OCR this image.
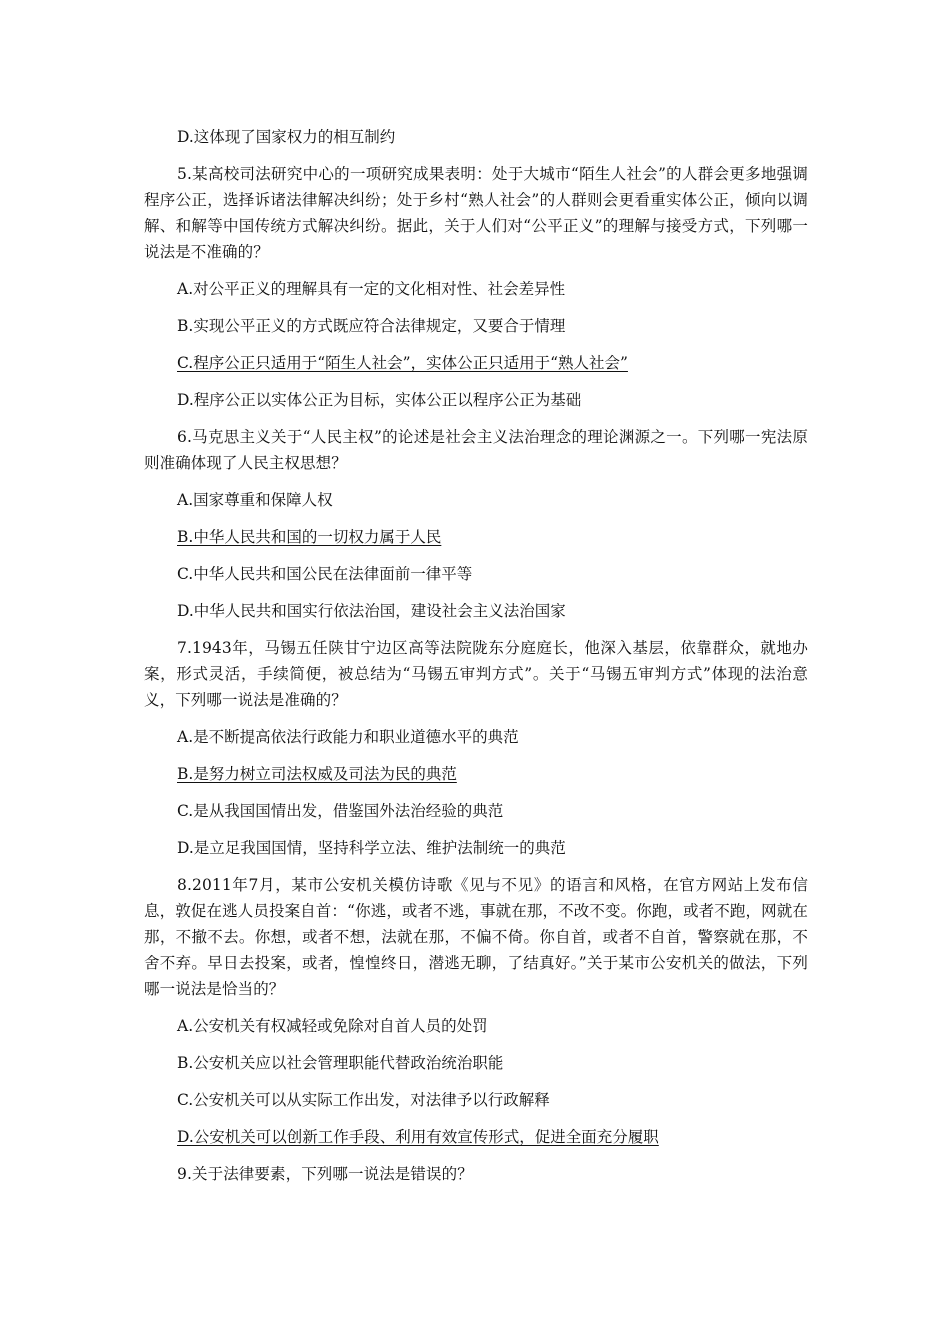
D.这体现了国家权力的相互制约

5.某高校司法研究中心的一项研究成果表明：处于大城市“陌生人社会”的人群会更多地强调程序公正，选择诉诸法律解决纠纷；处于乡村“熟人社会”的人群则会更看重实体公正，倾向以调解、和解等中国传统方式解决纠纷。据此，关于人们对“公平正义”的理解与接受方式，下列哪一说法是不准确的？

A.对公平正义的理解具有一定的文化相对性、社会差异性

B.实现公平正义的方式既应符合法律规定，又要合于情理

C.程序公正只适用于“陌生人社会”，实体公正只适用于“熟人社会”

D.程序公正以实体公正为目标，实体公正以程序公正为基础

6.马克思主义关于“人民主权”的论述是社会主义法治理念的理论渊源之一。下列哪一宪法原则准确体现了人民主权思想？

A.国家尊重和保障人权

B.中华人民共和国的一切权力属于人民

C.中华人民共和国公民在法律面前一律平等

D.中华人民共和国实行依法治国，建设社会主义法治国家

7.1943年，马锡五任陕甘宁边区高等法院陇东分庭庭长，他深入基层，依靠群众，就地办案，形式灵活，手续简便，被总结为“马锡五审判方式”。关于“马锡五审判方式”体现的法治意义，下列哪一说法是准确的？

A.是不断提高依法行政能力和职业道德水平的典范

B.是努力树立司法权威及司法为民的典范

C.是从我国国情出发，借鉴国外法治经验的典范

D.是立足我国国情，坚持科学立法、维护法制统一的典范

8.2011年7月，某市公安机关模仿诗歌《见与不见》的语言和风格，在官方网站上发布信息，敦促在逃人员投案自首：“你逃，或者不逃，事就在那，不改不变。你跑，或者不跑，网就在那，不撤不去。你想，或者不想，法就在那，不偏不倚。你自首，或者不自首，警察就在那，不舍不弃。早日去投案，或者，惶惶终日，潜逃无聊，了结真好。”关于某市公安机关的做法，下列哪一说法是恰当的？

A.公安机关有权减轻或免除对自首人员的处罚

B.公安机关应以社会管理职能代替政治统治职能

C.公安机关可以从实际工作出发，对法律予以行政解释

D.公安机关可以创新工作手段、利用有效宣传形式，促进全面充分履职

9.关于法律要素，下列哪一说法是错误的？
